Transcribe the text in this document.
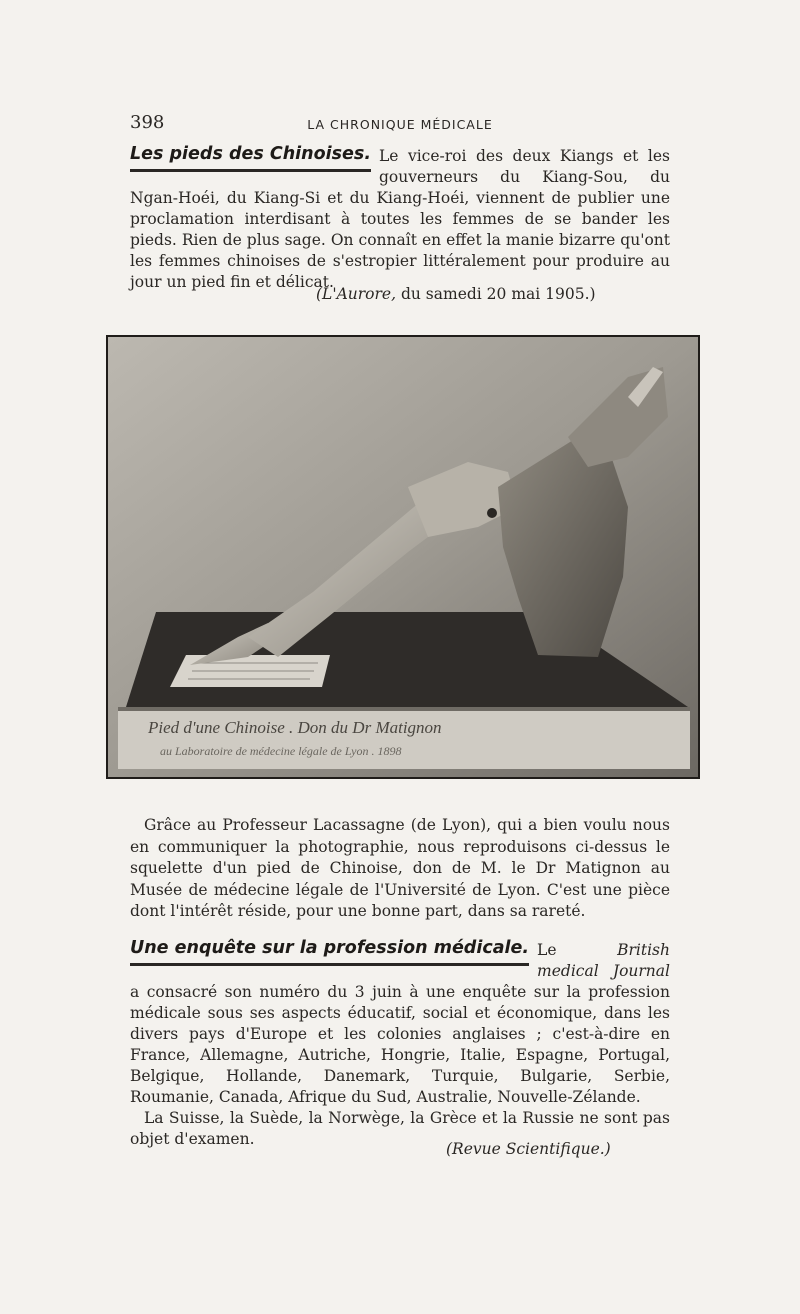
398	LA CHRONIQUE MÉDICALE
Les pieds des Chinoises. Le vice-roi des deux Kiangs et les gouverneurs du Kiang-Sou, du Ngan-Hoéi, du Kiang-Si et du Kiang-Hoéi, viennent de publier une proclamation interdisant à toutes les femmes de se bander les pieds. Rien de plus sage. On connaît en effet la manie bizarre qu'ont les femmes chinoises de s'estropier littéralement pour produire au jour un pied fin et délicat.

(L'Aurore, du samedi 20 mai 1905.)
Pied d'une Chinoise . Don du Dr Matignon
au Laboratoire de médecine légale de Lyon . 1898

Grâce au Professeur Lacassagne (de Lyon), qui a bien voulu nous en communiquer la photographie, nous reproduisons ci-dessus le squelette d'un pied de Chinoise, don de M. le Dr Matignon au Musée de médecine légale de l'Université de Lyon. C'est une pièce dont l'intérêt réside, pour une bonne part, dans sa rareté.

Une enquête sur la profession médicale. Le	British medical Journal a consacré son numéro du 3 juin à une enquête sur la profession médicale sous ses aspects éducatif, social et économique, dans les divers pays d'Europe et les colonies anglaises ; c'est-à-dire en France, Allemagne, Autriche, Hongrie, Italie, Espagne, Portugal, Belgique, Hollande, Danemark, Turquie, Bulgarie, Serbie, Roumanie, Canada, Afrique du Sud, Australie, Nouvelle-Zélande.

La Suisse, la Suède, la Norwège, la Grèce et la Russie ne sont pas objet d'examen.

(Revue Scientifique.)
